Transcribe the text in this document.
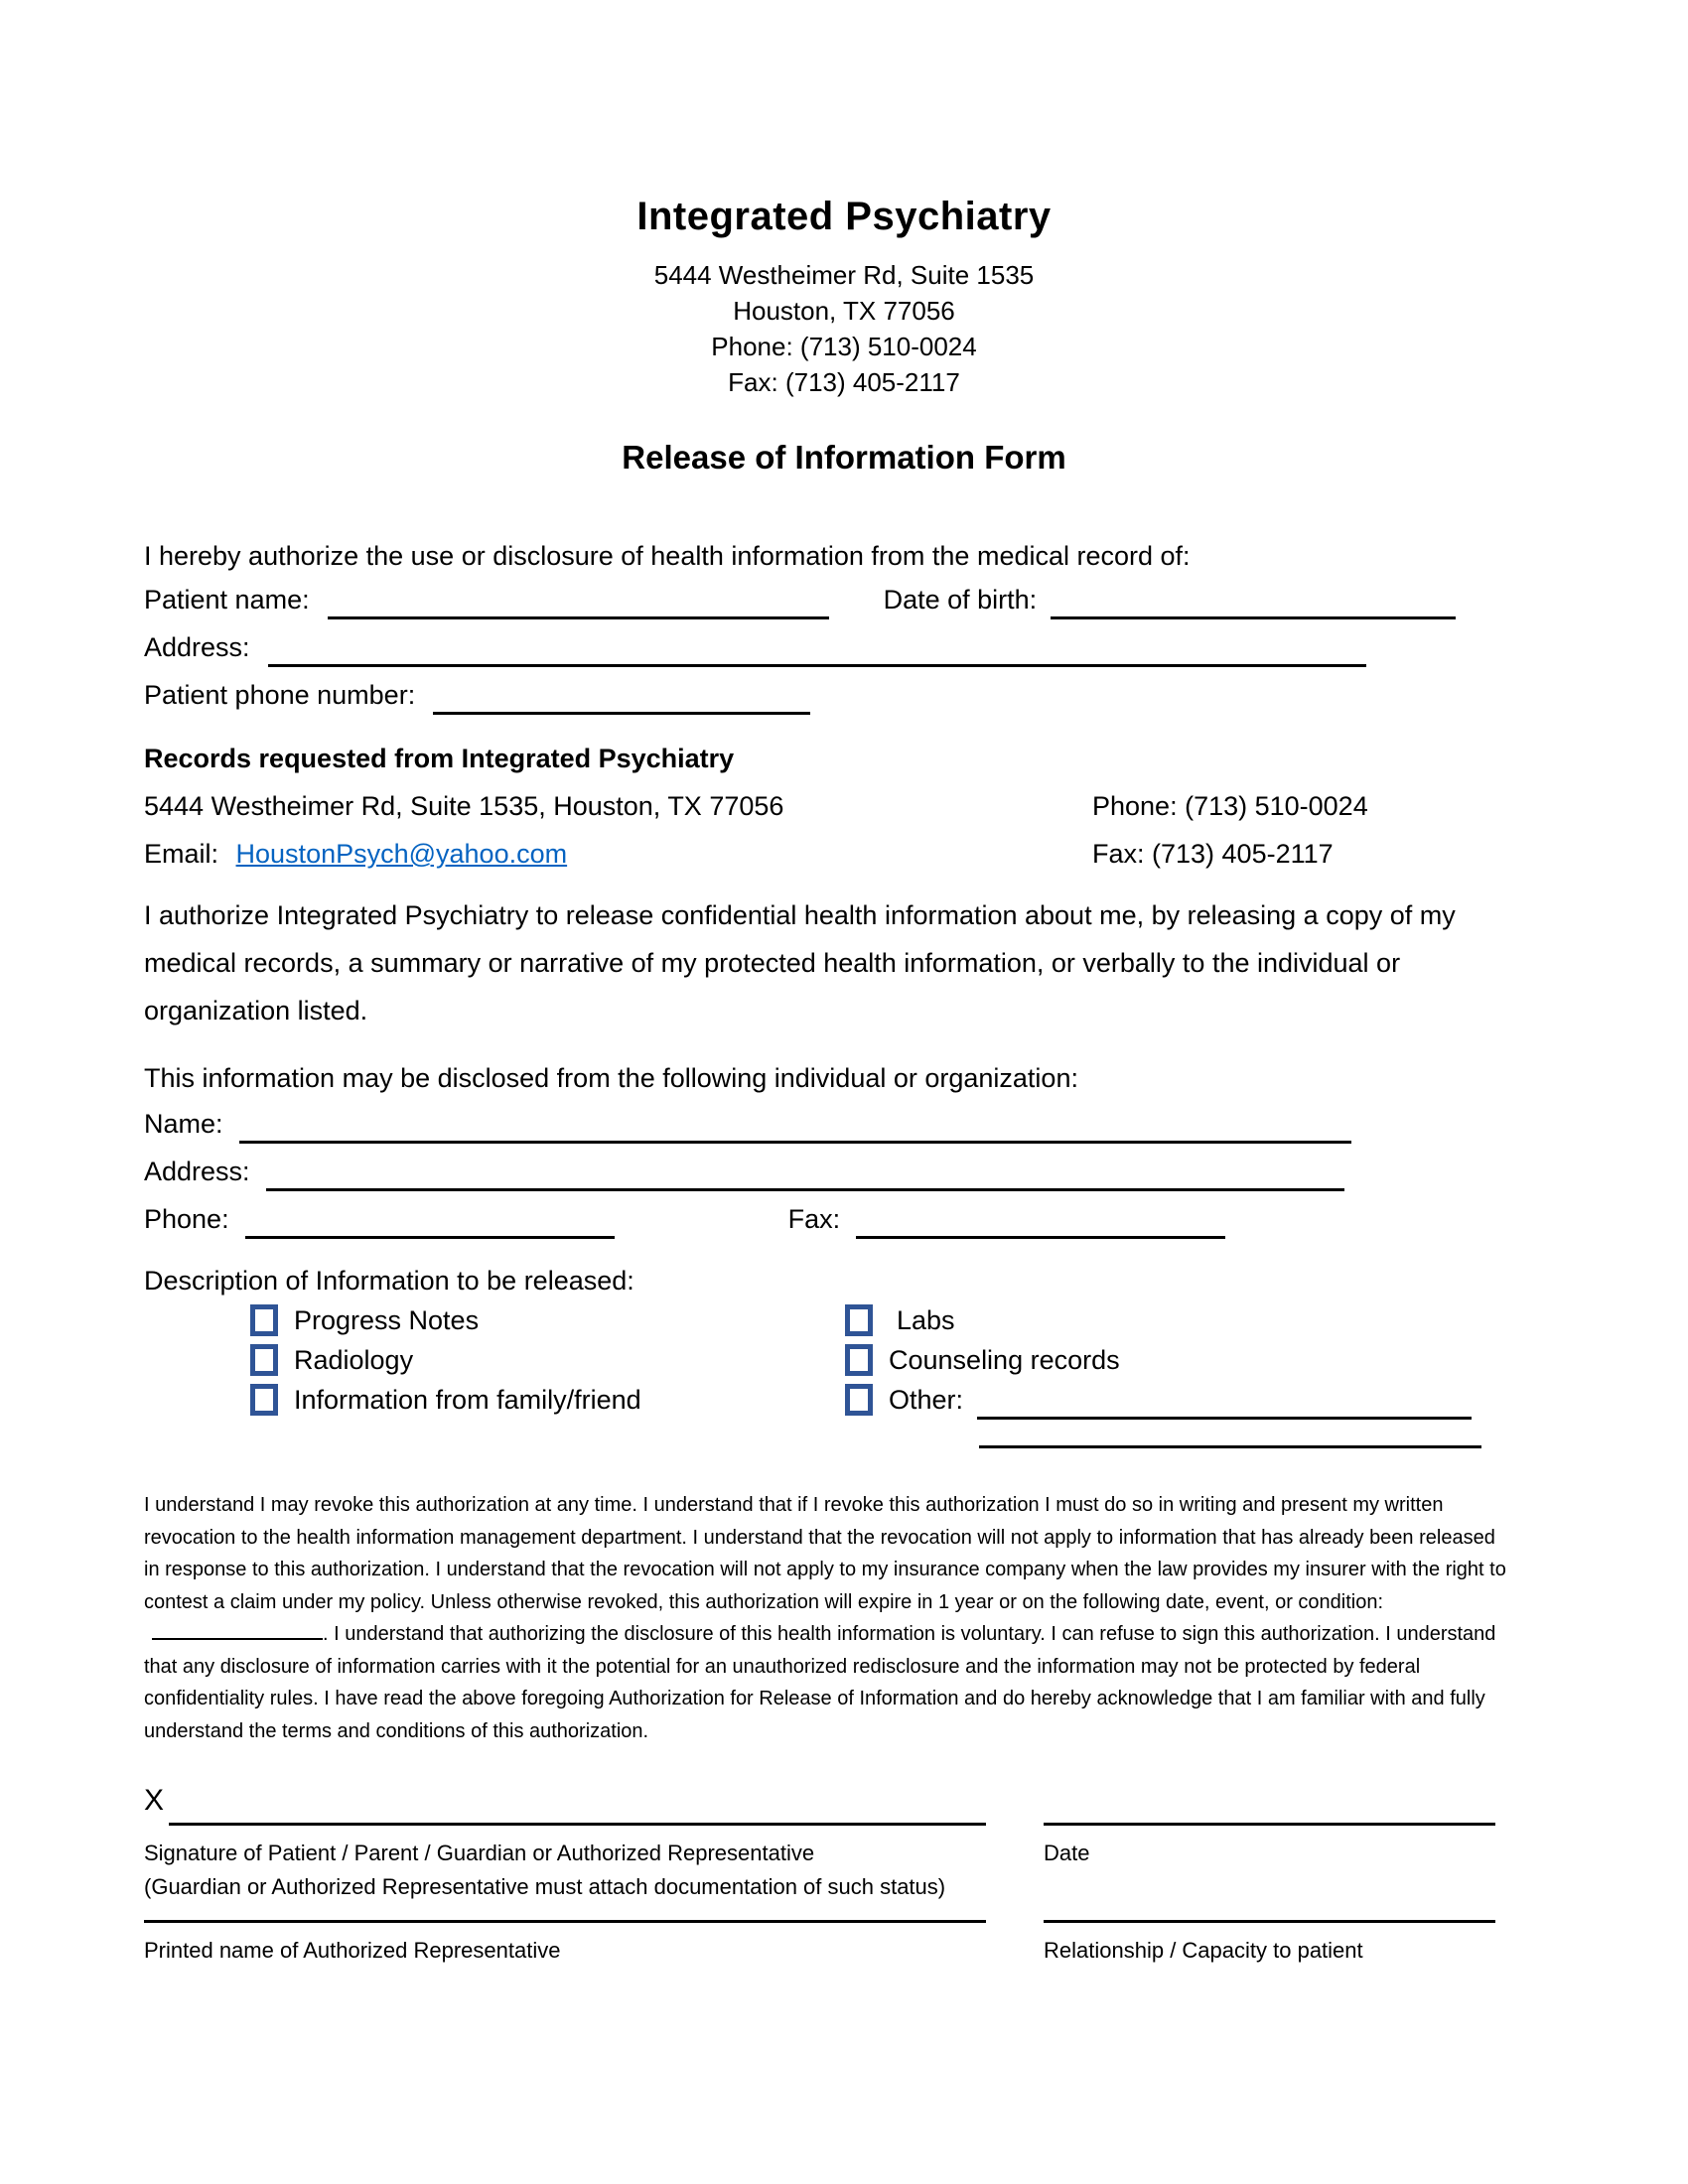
Integrated Psychiatry
5444 Westheimer Rd, Suite 1535
Houston, TX 77056
Phone: (713) 510-0024
Fax: (713) 405-2117
Release of Information Form
I hereby authorize the use or disclosure of health information from the medical record of:
Patient name:	Date of birth:
Address:
Patient phone number:
Records requested from Integrated Psychiatry
5444 Westheimer Rd, Suite 1535, Houston, TX 77056	Phone: (713) 510-0024
Email: HoustonPsych@yahoo.com	Fax: (713) 405-2117
I authorize Integrated Psychiatry to release confidential health information about me, by releasing a copy of my medical records, a summary or narrative of my protected health information, or verbally to the individual or organization listed.
This information may be disclosed from the following individual or organization:
Name:
Address:
Phone:	Fax:
Description of Information to be released:
Progress Notes
Radiology
Information from family/friend
Labs
Counseling records
Other:

I understand I may revoke this authorization at any time. I understand that if I revoke this authorization I must do so in writing and present my written revocation to the health information management department. I understand that the revocation will not apply to information that has already been released in response to this authorization. I understand that the revocation will not apply to my insurance company when the law provides my insurer with the right to contest a claim under my policy. Unless otherwise revoked, this authorization will expire in 1 year or on the following date, event, or condition:. I understand that authorizing the disclosure of this health information is voluntary. I can refuse to sign this authorization. I understand that any disclosure of information carries with it the potential for an unauthorized redisclosure and the information may not be protected by federal confidentiality rules. I have read the above foregoing Authorization for Release of Information and do hereby acknowledge that I am familiar with and fully understand the terms and conditions of this authorization.

X
Signature of Patient / Parent / Guardian or Authorized Representative	Date
(Guardian or Authorized Representative must attach documentation of such status)
Printed name of Authorized Representative	Relationship / Capacity to patient
